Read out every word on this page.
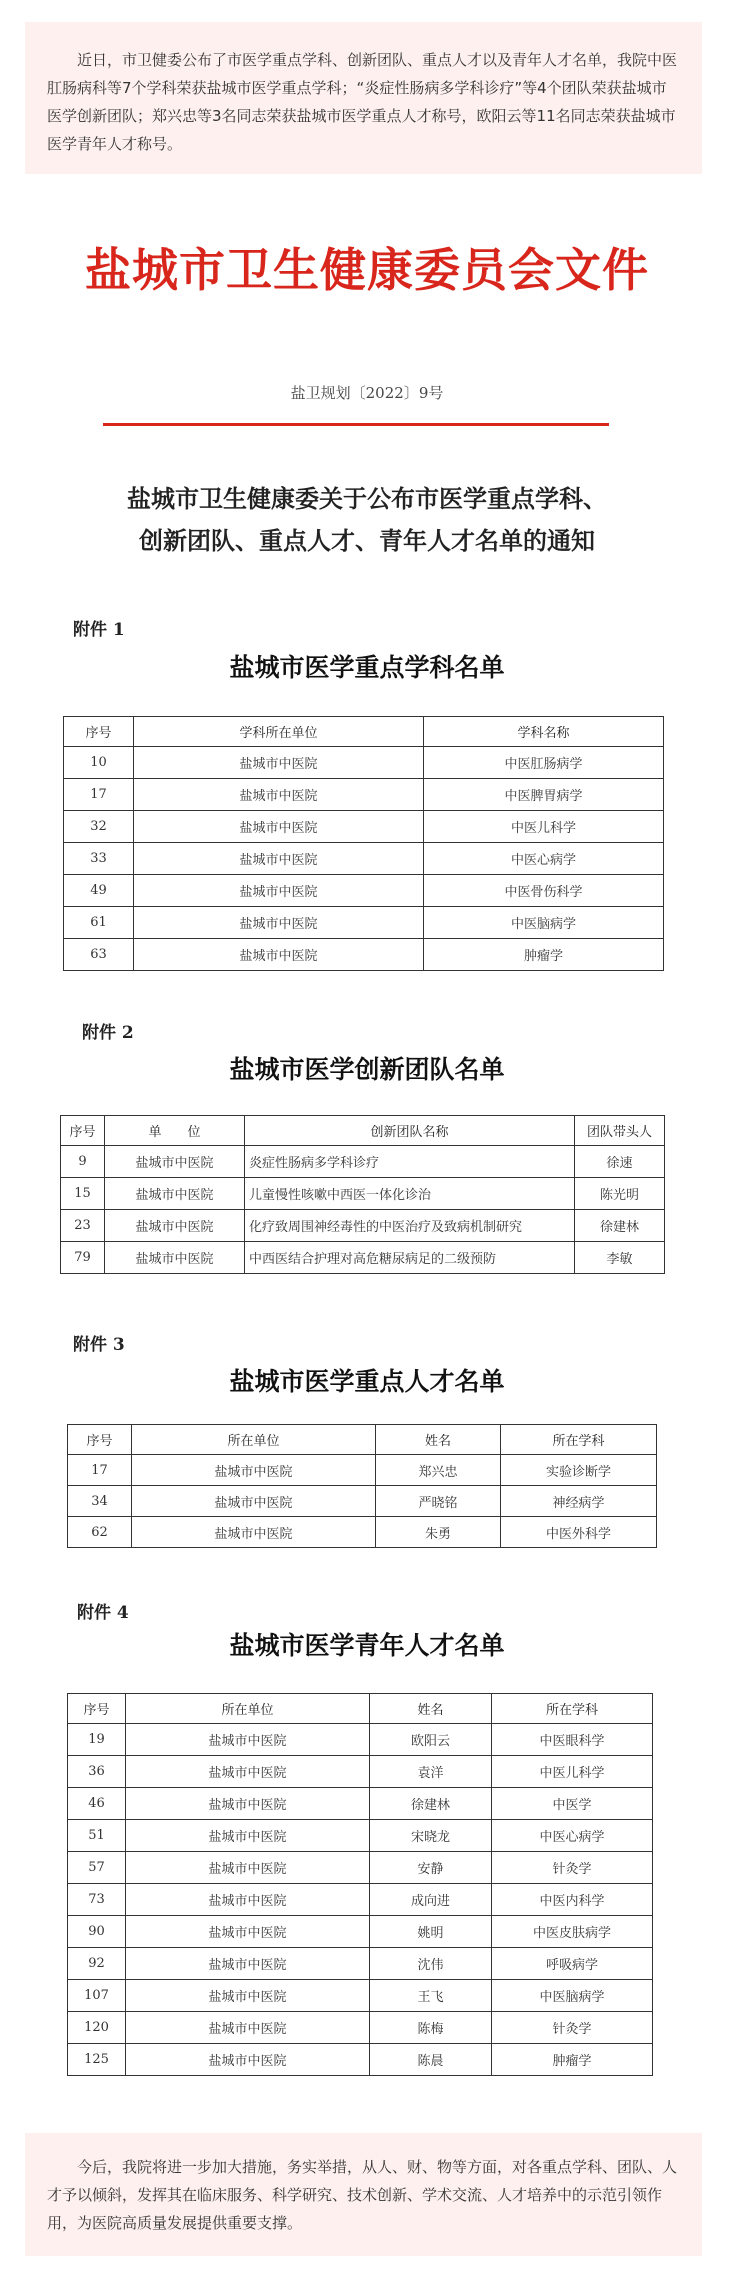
近日，市卫健委公布了市医学重点学科、创新团队、重点人才以及青年人才名单，我院中医肛肠病科等7个学科荣获盐城市医学重点学科；“炎症性肠病多学科诊疗”等4个团队荣获盐城市医学创新团队；郑兴忠等3名同志荣获盐城市医学重点人才称号，欧阳云等11名同志荣获盐城市医学青年人才称号。
盐城市卫生健康委员会文件
盐卫规划〔2022〕9号
盐城市卫生健康委关于公布市医学重点学科、
创新团队、重点人才、青年人才名单的通知
附件 1
盐城市医学重点学科名单
序号	学科所在单位	学科名称
10	盐城市中医院	中医肛肠病学
17	盐城市中医院	中医脾胃病学
32	盐城市中医院	中医儿科学
33	盐城市中医院	中医心病学
49	盐城市中医院	中医骨伤科学
61	盐城市中医院	中医脑病学
63	盐城市中医院	肿瘤学
附件 2
盐城市医学创新团队名单
序号	单　　位	创新团队名称	团队带头人
9	盐城市中医院	炎症性肠病多学科诊疗	徐速
15	盐城市中医院	儿童慢性咳嗽中西医一体化诊治	陈光明
23	盐城市中医院	化疗致周围神经毒性的中医治疗及致病机制研究	徐建林
79	盐城市中医院	中西医结合护理对高危糖尿病足的二级预防	李敏
附件 3
盐城市医学重点人才名单
序号	所在单位	姓名	所在学科
17	盐城市中医院	郑兴忠	实验诊断学
34	盐城市中医院	严晓铭	神经病学
62	盐城市中医院	朱勇	中医外科学
附件 4
盐城市医学青年人才名单
序号	所在单位	姓名	所在学科
19	盐城市中医院	欧阳云	中医眼科学
36	盐城市中医院	袁洋	中医儿科学
46	盐城市中医院	徐建林	中医学
51	盐城市中医院	宋晓龙	中医心病学
57	盐城市中医院	安静	针灸学
73	盐城市中医院	成向进	中医内科学
90	盐城市中医院	姚明	中医皮肤病学
92	盐城市中医院	沈伟	呼吸病学
107	盐城市中医院	王飞	中医脑病学
120	盐城市中医院	陈梅	针灸学
125	盐城市中医院	陈晨	肿瘤学
今后，我院将进一步加大措施，务实举措，从人、财、物等方面，对各重点学科、团队、人才予以倾斜，发挥其在临床服务、科学研究、技术创新、学术交流、人才培养中的示范引领作用，为医院高质量发展提供重要支撑。
